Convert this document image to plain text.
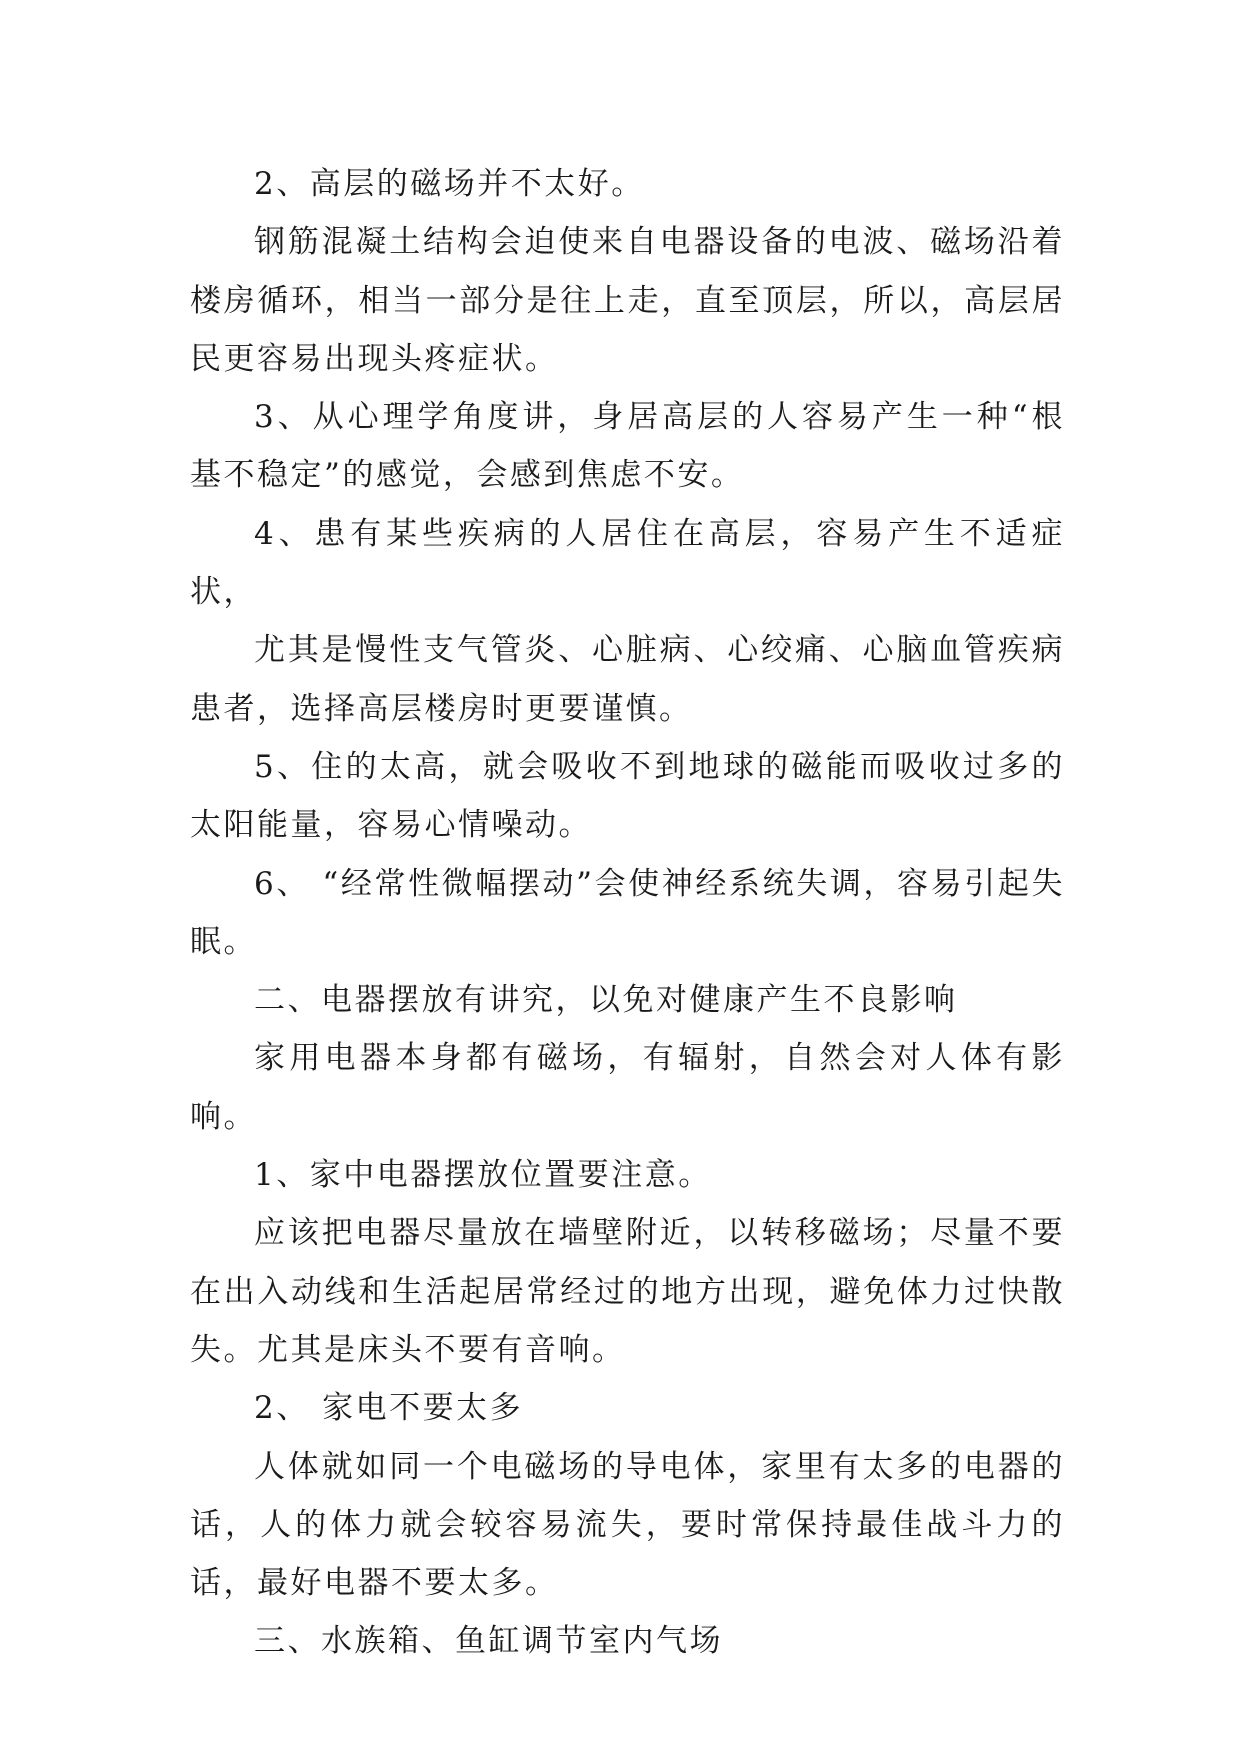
2、高层的磁场并不太好。

钢筋混凝土结构会迫使来自电器设备的电波、磁场沿着楼房循环，相当一部分是往上走，直至顶层，所以，高层居民更容易出现头疼症状。

3、从心理学角度讲，身居高层的人容易产生一种“根基不稳定”的感觉，会感到焦虑不安。

4、患有某些疾病的人居住在高层，容易产生不适症状，

尤其是慢性支气管炎、心脏病、心绞痛、心脑血管疾病患者，选择高层楼房时更要谨慎。

5、住的太高，就会吸收不到地球的磁能而吸收过多的太阳能量，容易心情噪动。

6、 “经常性微幅摆动”会使神经系统失调，容易引起失眠。

二、电器摆放有讲究，以免对健康产生不良影响

家用电器本身都有磁场，有辐射，自然会对人体有影响。

1、家中电器摆放位置要注意。

应该把电器尽量放在墙壁附近，以转移磁场；尽量不要在出入动线和生活起居常经过的地方出现，避免体力过快散失。尤其是床头不要有音响。

2、 家电不要太多

人体就如同一个电磁场的导电体，家里有太多的电器的话，人的体力就会较容易流失，要时常保持最佳战斗力的话，最好电器不要太多。

三、水族箱、鱼缸调节室内气场
